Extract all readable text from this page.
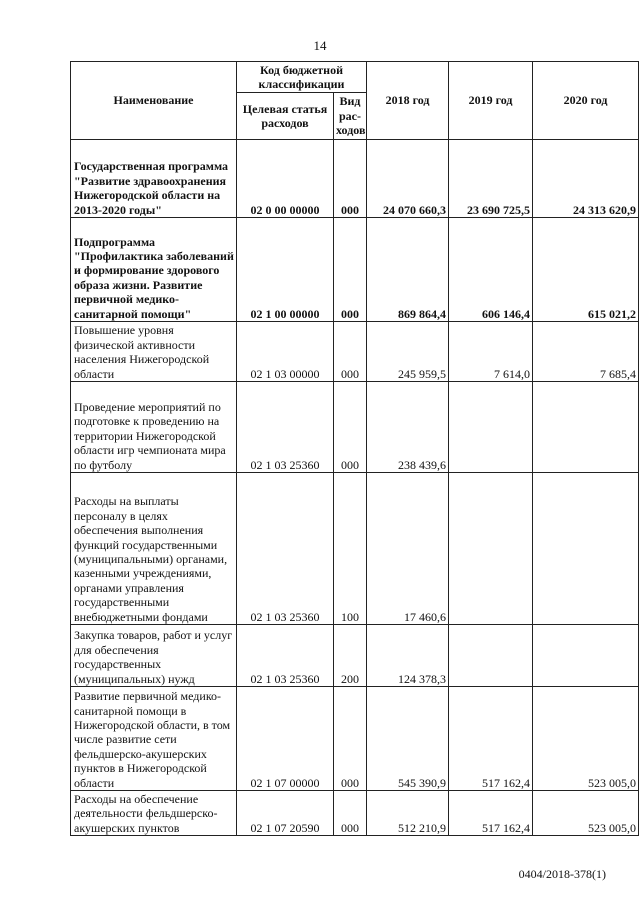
14
Наименование	Код бюджетной классификации		2018 год	2019 год	2020 год
	Целевая статья расходов	Вид рас-ходов			
Государственная программа "Развитие здравоохранения Нижегородской области на 2013-2020 годы"	02 0 00 00000	000	24 070 660,3	23 690 725,5	24 313 620,9
Подпрограмма "Профилактика заболеваний и формирование здорового образа жизни. Развитие первичной медико-санитарной помощи"	02 1 00 00000	000	869 864,4	606 146,4	615 021,2
Повышение уровня физической активности населения Нижегородской области	02 1 03 00000	000	245 959,5	7 614,0	7 685,4
Проведение мероприятий по подготовке к проведению на территории Нижегородской области игр чемпионата мира по футболу	02 1 03 25360	000	238 439,6		
Расходы на выплаты персоналу в целях обеспечения выполнения функций государственными (муниципальными) органами, казенными учреждениями, органами управления государственными внебюджетными фондами	02 1 03 25360	100	17 460,6		
Закупка товаров, работ и услуг для обеспечения государственных (муниципальных) нужд	02 1 03 25360	200	124 378,3		
Развитие первичной медико-санитарной помощи в Нижегородской области, в том числе развитие сети фельдшерско-акушерских пунктов в Нижегородской области	02 1 07 00000	000	545 390,9	517 162,4	523 005,0
Расходы на обеспечение деятельности фельдшерско-акушерских пунктов	02 1 07 20590	000	512 210,9	517 162,4	523 005,0
0404/2018-378(1)
